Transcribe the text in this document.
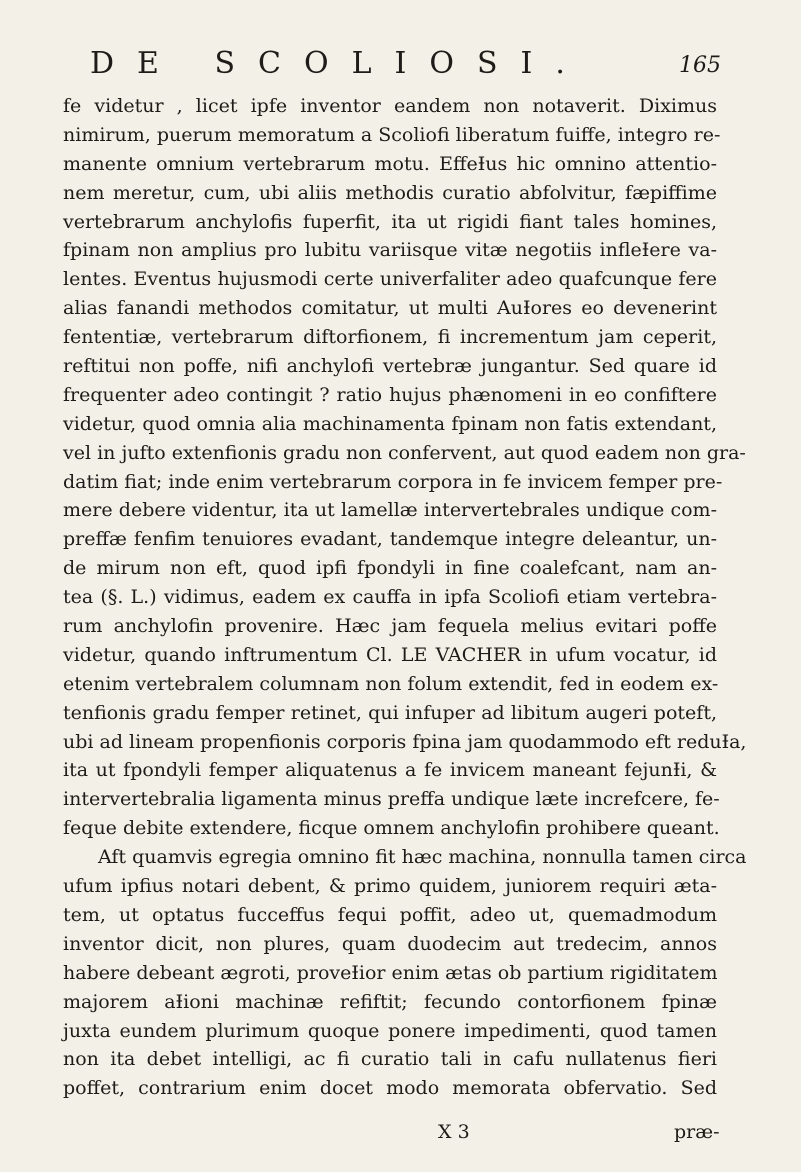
DE SCOLIOSI.	165
fe videtur , licet ipfe inventor eandem non notaverit. Diximus
nimirum, puerum memoratum a Scoliofi liberatum fuiffe, integro re-
manente omnium vertebrarum motu. EffeƗus hic omnino attentio-
nem meretur, cum, ubi aliis methodis curatio abfolvitur, fæpiffime
vertebrarum anchylofis fuperfit, ita ut rigidi fiant tales homines,
fpinam non amplius pro lubitu variisque vitæ negotiis infleƗere va-
lentes. Eventus hujusmodi certe univerfaliter adeo quafcunque fere
alias fanandi methodos comitatur, ut multi AuƗores eo devenerint
fententiæ, vertebrarum diftorfionem, fi incrementum jam ceperit,
reftitui non poffe, nifi anchylofi vertebræ jungantur. Sed quare id
frequenter adeo contingit ? ratio hujus phænomeni in eo confiftere
videtur, quod omnia alia machinamenta fpinam non fatis extendant,
vel in jufto extenfionis gradu non confervent, aut quod eadem non gra-
datim fiat; inde enim vertebrarum corpora in fe invicem femper pre-
mere debere videntur, ita ut lamellæ intervertebrales undique com-
preffæ fenfim tenuiores evadant, tandemque integre deleantur, un-
de mirum non eft, quod ipfi fpondyli in fine coalefcant, nam an-
tea (§. L.) vidimus, eadem ex cauffa in ipfa Scoliofi etiam vertebra-
rum anchylofin provenire. Hæc jam fequela melius evitari poffe
videtur, quando inftrumentum Cl. LE VACHER in ufum vocatur, id
etenim vertebralem columnam non folum extendit, fed in eodem ex-
tenfionis gradu femper retinet, qui infuper ad libitum augeri poteft,
ubi ad lineam propenfionis corporis fpina jam quodammodo eft reduƗa,
ita ut fpondyli femper aliquatenus a fe invicem maneant fejunƗi, &
intervertebralia ligamenta minus preffa undique læte increfcere, fe-
feque debite extendere, ficque omnem anchylofin prohibere queant.
Aft quamvis egregia omnino fit hæc machina, nonnulla tamen circa
ufum ipfius notari debent, & primo quidem, juniorem requiri æta-
tem, ut optatus fucceffus fequi poffit, adeo ut, quemadmodum
inventor dicit, non plures, quam duodecim aut tredecim, annos
habere debeant ægroti, proveƗior enim ætas ob partium rigiditatem
majorem aƗioni machinæ refiftit; fecundo contorfionem fpinæ
juxta eundem plurimum quoque ponere impedimenti, quod tamen
non ita debet intelligi, ac fi curatio tali in cafu nullatenus fieri
poffet, contrarium enim docet modo memorata obfervatio. Sed
X 3	præ-
